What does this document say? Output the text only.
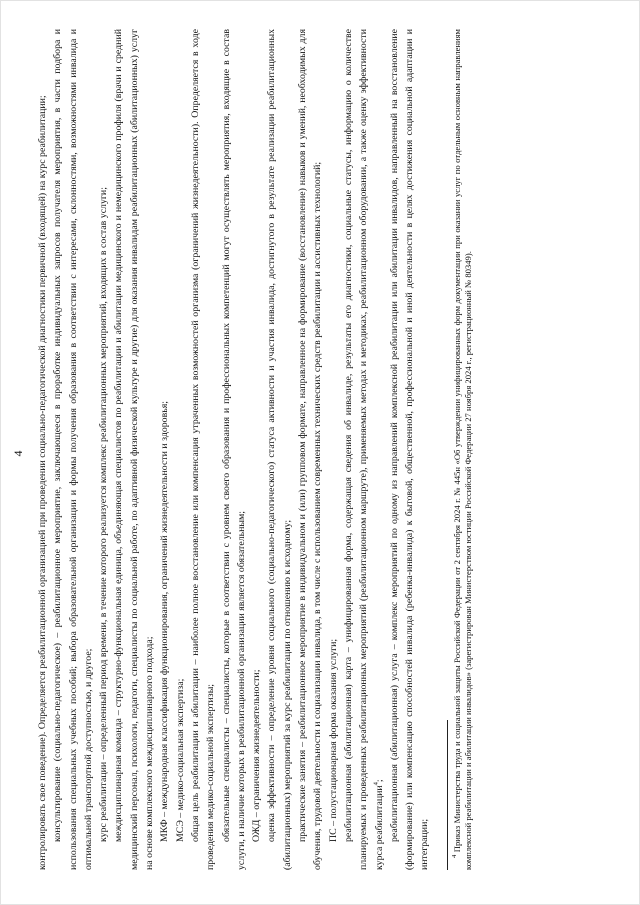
4 контролировать свое поведение). Определяется реабилитационной организацией при проведении социально-педагогической диагностики первичной (входящей) на курс реабилитации; консультирование (социально-педагогическое) – реабилитационное мероприятие, заключающееся в проработке индивидуальных запросов получателя мероприятия, в части подбора и использования специальных учебных пособий; выбора образовательной организации и формы получения образования в соответствии с интересами, склонностями, возможностями инвалида и оптимальной транспортной доступностью, и другое; курс реабилитации – определенный период времени, в течение которого реализуется комплекс реабилитационных мероприятий, входящих в состав услуги; междисциплинарная команда – структурно-функциональная единица, объединяющая специалистов по реабилитации и абилитации медицинского и немедицинского профиля (врачи и средний медицинский персонал, психологи, педагоги, специалисты по социальной работе, по адаптивной физической культуре и другие) для оказания инвалидам реабилитационных (абилитационных) услуг на основе комплексного междисциплинарного подхода; МКФ – международная классификация функционирования, ограничений жизнедеятельности и здоровья; МСЭ – медико-социальная экспертиза; общая цель реабилитации и абилитации – наиболее полное восстановление или компенсация утраченных возможностей организма (ограничений жизнедеятельности). Определяется в ходе проведения медико-социальной экспертизы; обязательные специалисты – специалисты, которые в соответствии с уровнем своего образования и профессиональных компетенций могут осуществлять мероприятия, входящие в состав услуги, и наличие которых в реабилитационной организации является обязательным; ОЖД – ограничения жизнедеятельности; оценка эффективности – определение уровня социального (социально-педагогического) статуса активности и участия инвалида, достигнутого в результате реализации реабилитационных (абилитационных) мероприятий за курс реабилитации по отношению к исходному; практические занятия – реабилитационное мероприятие в индивидуальном и (или) групповом формате, направленное на формирование (восстановление) навыков и умений, необходимых для обучения, трудовой деятельности и социализации инвалида, в том числе с использованием современных технических средств реабилитации и ассистивных технологий; ПС – полустационарная форма оказания услуги; реабилитационная (абилитационная) карта – унифицированная форма, содержащая сведения об инвалиде, результаты его диагностики, социальные статусы, информацию о количестве планируемых и проведенных реабилитационных мероприятий (реабилитационном маршруте), применяемых методах и методиках, реабилитационном оборудовании, а также оценку эффективности курса реабилитации$^4$; реабилитационная (абилитационная) услуга – комплекс мероприятий по одному из направлений комплексной реабилитации или абилитации инвалидов, направленный на восстановление (формирование) или компенсацию способностей инвалида (ребенка-инвалида) к бытовой, общественной, профессиональной и иной деятельности в целях достижения социальной адаптации и интеграции;	$^4$ Приказ Министерства труда и социальной защиты Российской Федерации от 2 сентября 2024 г. № 445н «Об утверждении унифицированных форм документации при оказании услуг по отдельным основным направлениям комплексной реабилитации и абилитации инвалидов» (зарегистрирован Министерством юстиции Российской Федерации 27 ноября 2024 г., регистрационный № 80349).
